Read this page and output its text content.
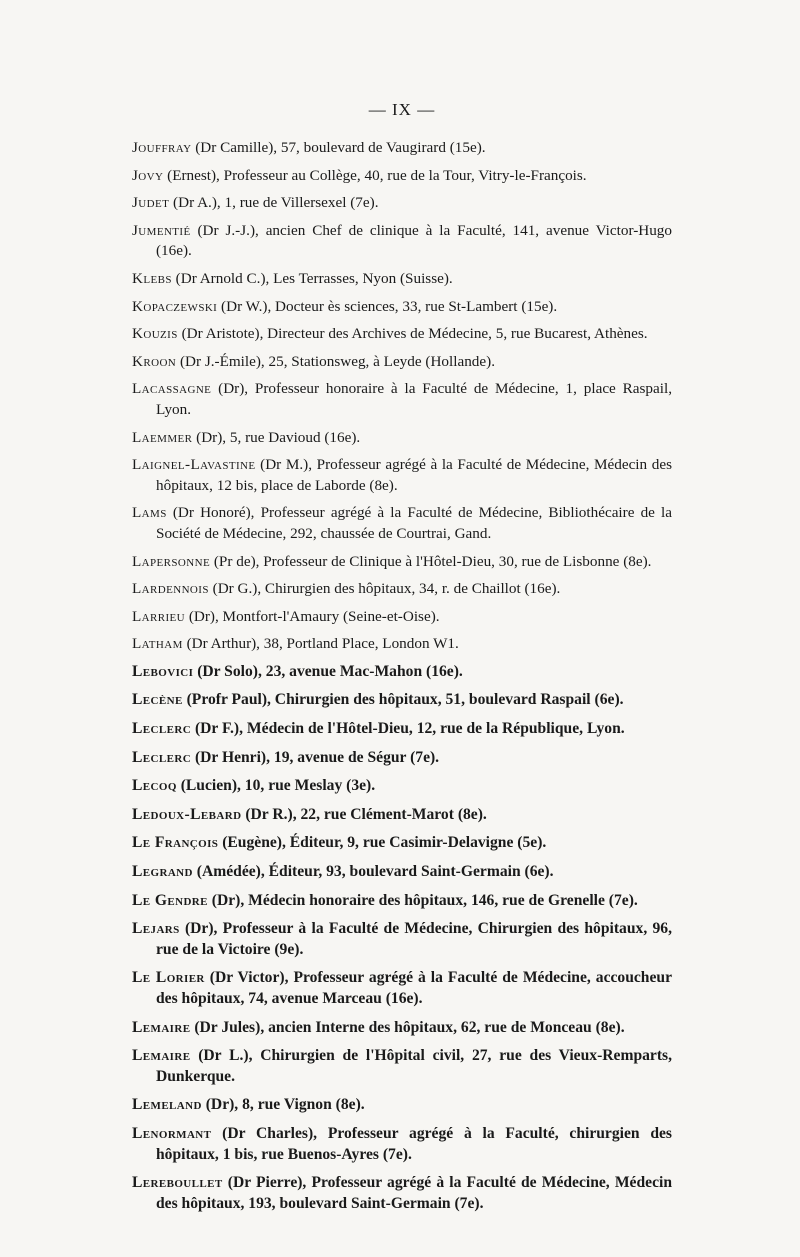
— IX —
Jouffray (Dr Camille), 57, boulevard de Vaugirard (15e).
Jovy (Ernest), Professeur au Collège, 40, rue de la Tour, Vitry-le-François.
Judet (Dr A.), 1, rue de Villersexel (7e).
Jumentié (Dr J.-J.), ancien Chef de clinique à la Faculté, 141, avenue Victor-Hugo (16e).
Klebs (Dr Arnold C.), Les Terrasses, Nyon (Suisse).
Kopaczewski (Dr W.), Docteur ès sciences, 33, rue St-Lambert (15e).
Kouzis (Dr Aristote), Directeur des Archives de Médecine, 5, rue Bucarest, Athènes.
Kroon (Dr J.-Émile), 25, Stationsweg, à Leyde (Hollande).
Lacassagne (Dr), Professeur honoraire à la Faculté de Médecine, 1, place Raspail, Lyon.
Laemmer (Dr), 5, rue Davioud (16e).
Laignel-Lavastine (Dr M.), Professeur agrégé à la Faculté de Médecine, Médecin des hôpitaux, 12 bis, place de Laborde (8e).
Lams (Dr Honoré), Professeur agrégé à la Faculté de Médecine, Bibliothécaire de la Société de Médecine, 292, chaussée de Courtrai, Gand.
Lapersonne (Pr de), Professeur de Clinique à l'Hôtel-Dieu, 30, rue de Lisbonne (8e).
Lardennois (Dr G.), Chirurgien des hôpitaux, 34, r. de Chaillot (16e).
Larrieu (Dr), Montfort-l'Amaury (Seine-et-Oise).
Latham (Dr Arthur), 38, Portland Place, London W1.
Lebovici (Dr Solo), 23, avenue Mac-Mahon (16e).
Lecène (Profr Paul), Chirurgien des hôpitaux, 51, boulevard Raspail (6e).
Leclerc (Dr F.), Médecin de l'Hôtel-Dieu, 12, rue de la République, Lyon.
Leclerc (Dr Henri), 19, avenue de Ségur (7e).
Lecoq (Lucien), 10, rue Meslay (3e).
Ledoux-Lebard (Dr R.), 22, rue Clément-Marot (8e).
Le François (Eugène), Éditeur, 9, rue Casimir-Delavigne (5e).
Legrand (Amédée), Éditeur, 93, boulevard Saint-Germain (6e).
Le Gendre (Dr), Médecin honoraire des hôpitaux, 146, rue de Grenelle (7e).
Lejars (Dr), Professeur à la Faculté de Médecine, Chirurgien des hôpitaux, 96, rue de la Victoire (9e).
Le Lorier (Dr Victor), Professeur agrégé à la Faculté de Médecine, accoucheur des hôpitaux, 74, avenue Marceau (16e).
Lemaire (Dr Jules), ancien Interne des hôpitaux, 62, rue de Monceau (8e).
Lemaire (Dr L.), Chirurgien de l'Hôpital civil, 27, rue des Vieux-Remparts, Dunkerque.
Lemeland (Dr), 8, rue Vignon (8e).
Lenormant (Dr Charles), Professeur agrégé à la Faculté, chirurgien des hôpitaux, 1 bis, rue Buenos-Ayres (7e).
Lereboullet (Dr Pierre), Professeur agrégé à la Faculté de Médecine, Médecin des hôpitaux, 193, boulevard Saint-Germain (7e).
